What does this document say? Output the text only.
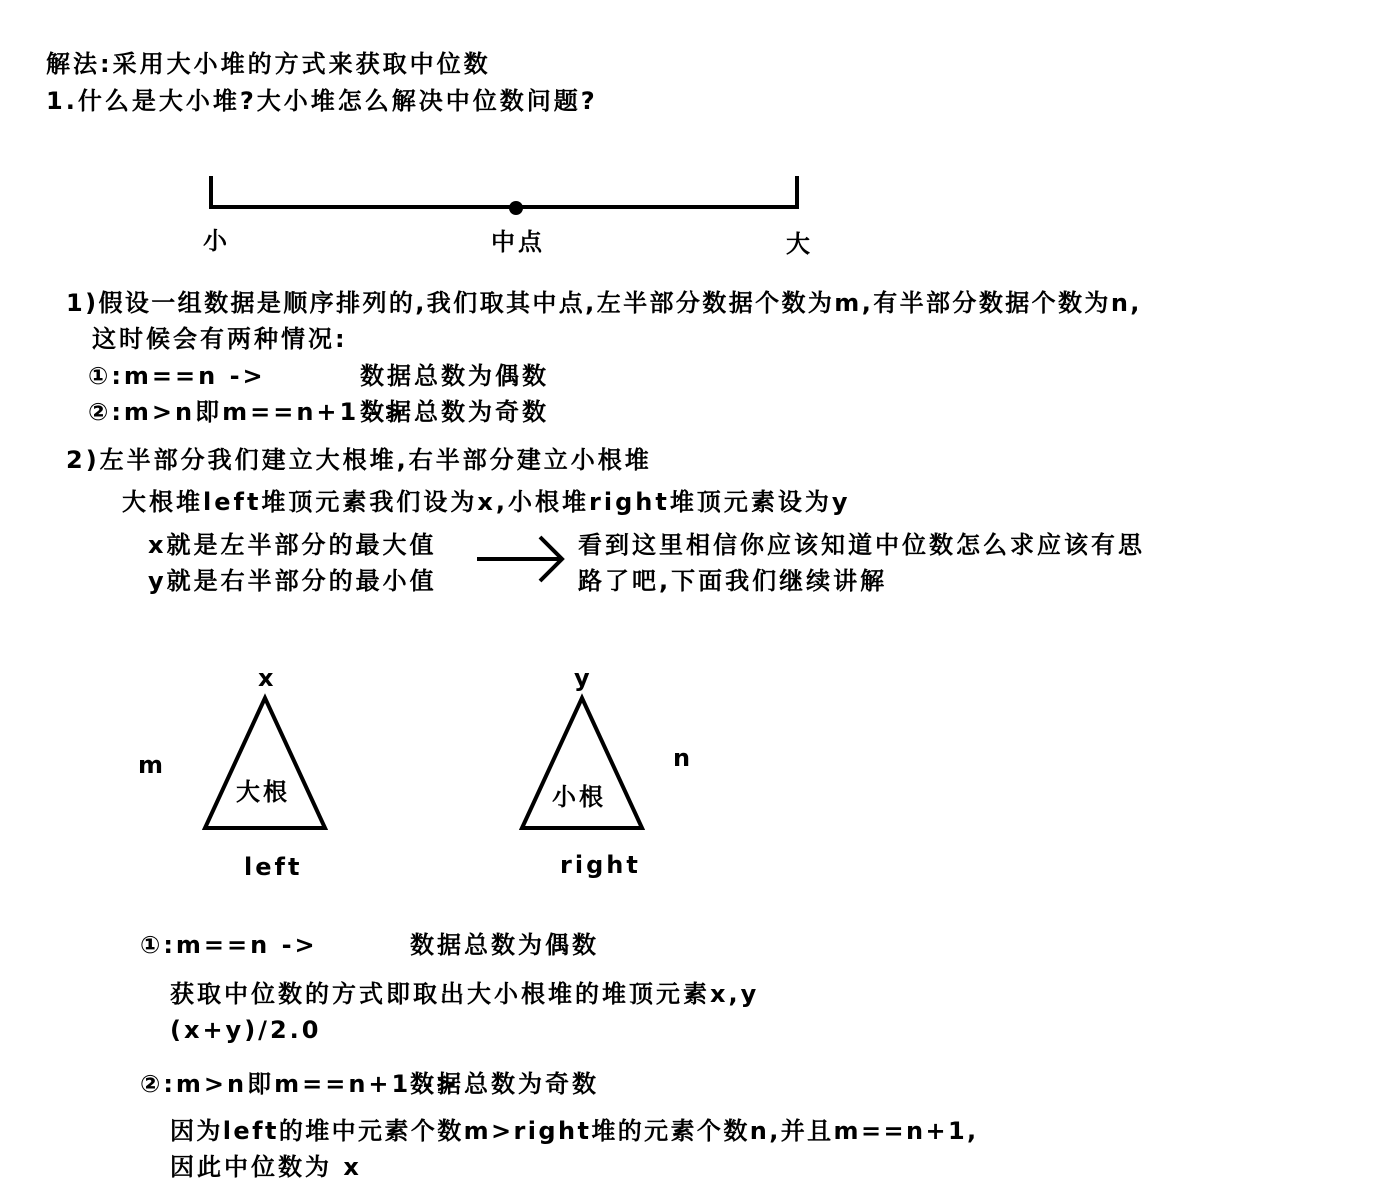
解法:采用大小堆的方式来获取中位数
1.什么是大小堆?大小堆怎么解决中位数问题?
小	中点	大
1)假设一组数据是顺序排列的,我们取其中点,左半部分数据个数为m,有半部分数据个数为n,
这时候会有两种情况:
①:m==n ->	数据总数为偶数
②:m>n即m==n+1 ->
数据总数为奇数
2)左半部分我们建立大根堆,右半部分建立小根堆
大根堆left堆顶元素我们设为x,小根堆right堆顶元素设为y
x就是左半部分的最大值
y就是右半部分的最小值
看到这里相信你应该知道中位数怎么求应该有思
路了吧,下面我们继续讲解
x
m
大根
left
y
n
小根
right
①:m==n ->	数据总数为偶数
获取中位数的方式即取出大小根堆的堆顶元素x,y
(x+y)/2.0
②:m>n即m==n+1 ->
数据总数为奇数
因为left的堆中元素个数m>right堆的元素个数n,并且m==n+1,
因此中位数为 x
